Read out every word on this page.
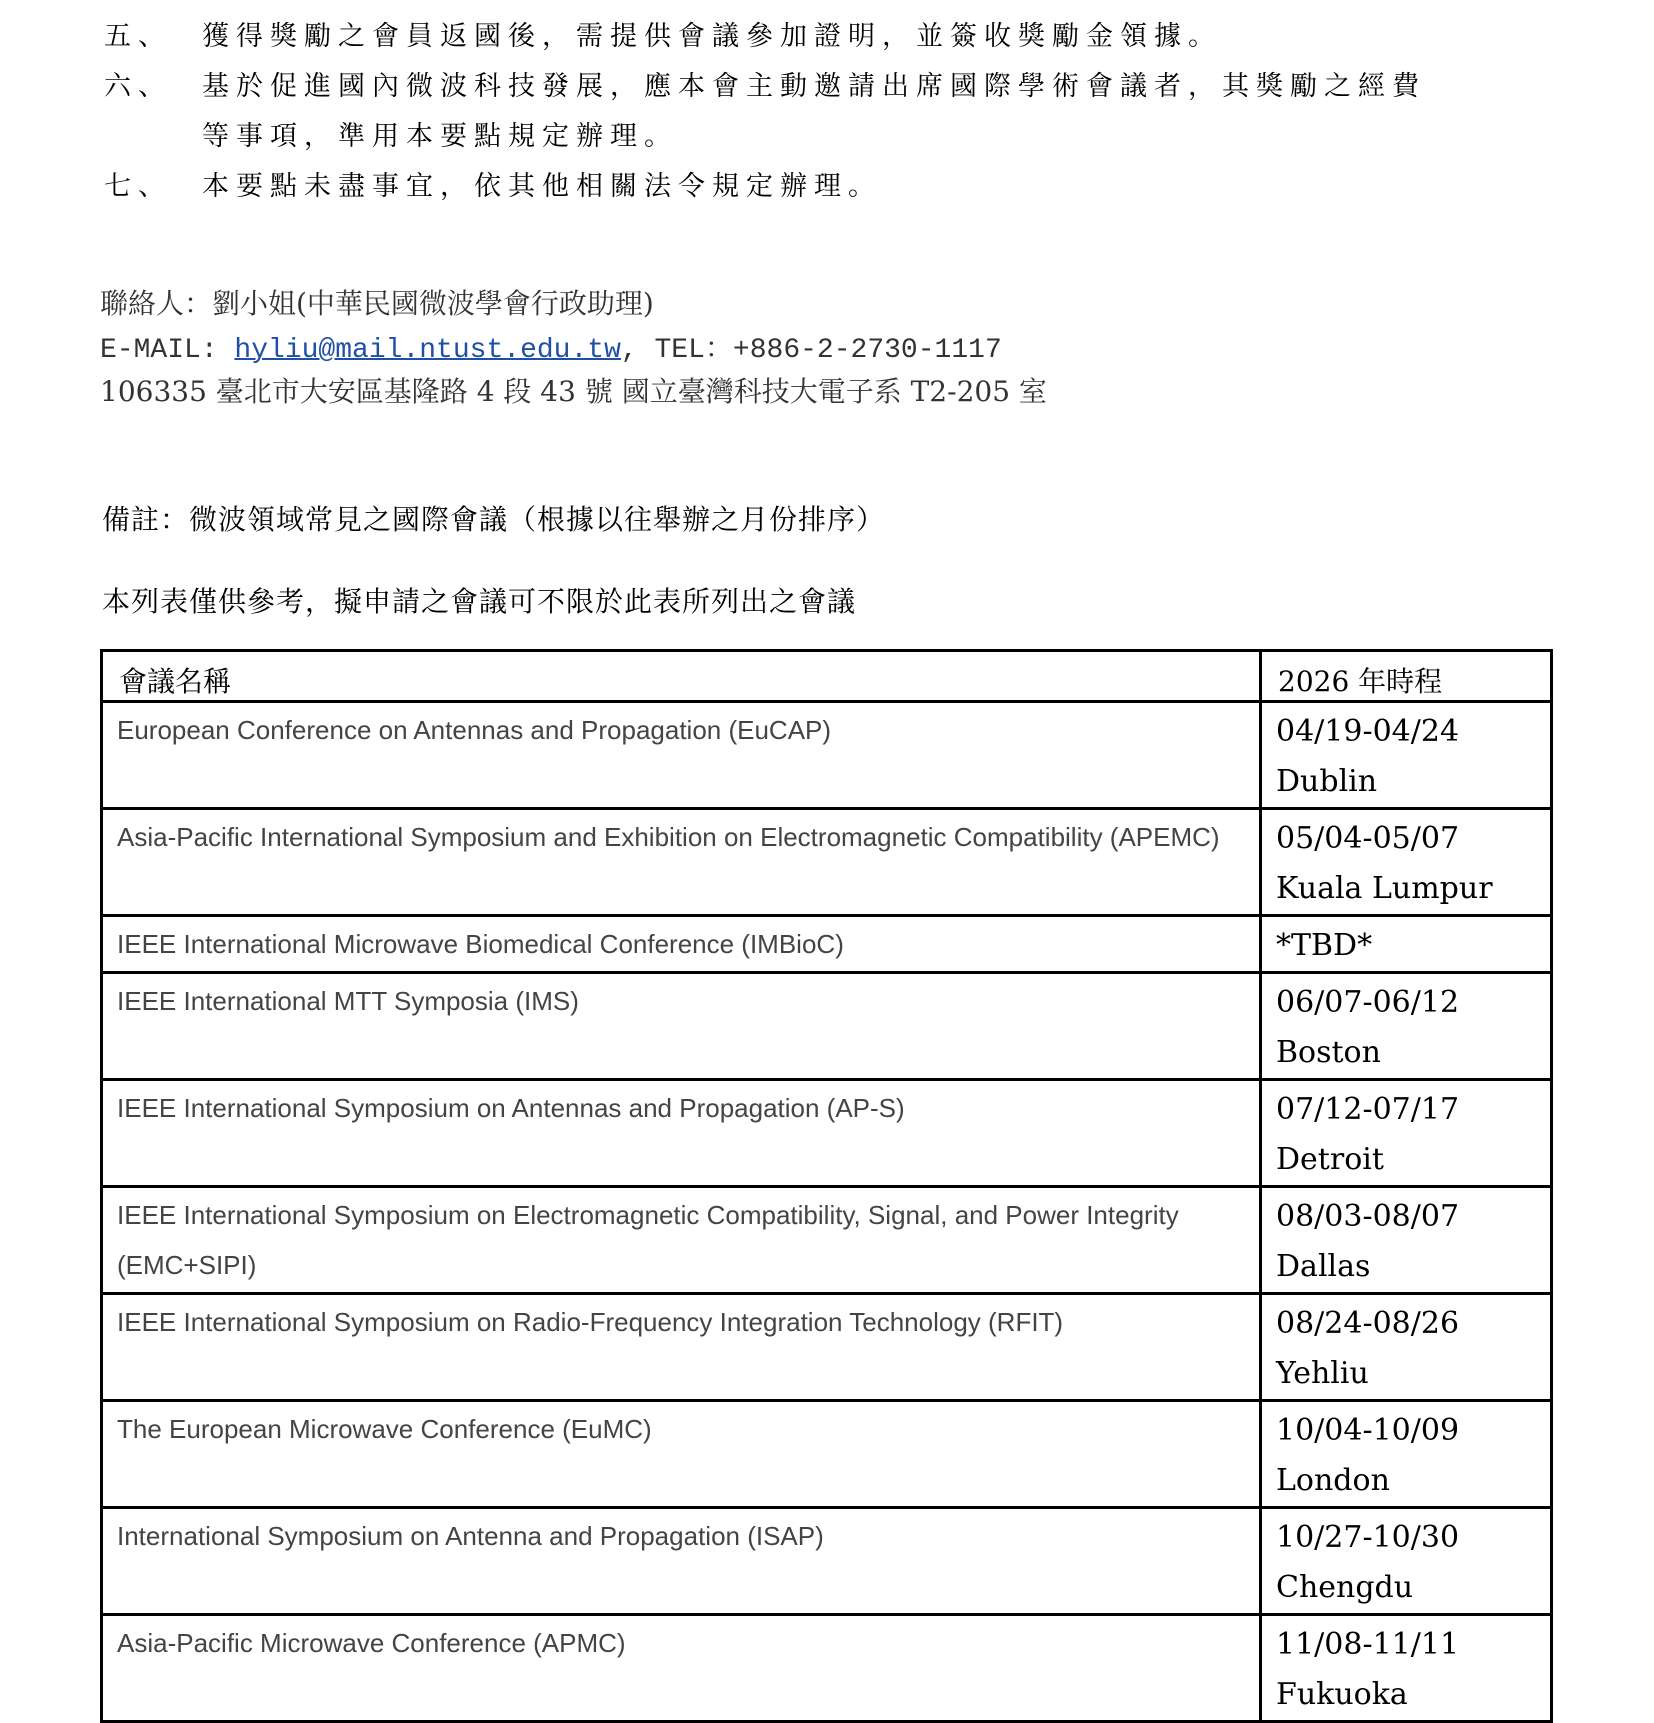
五、 獲得獎勵之會員返國後，需提供會議參加證明，並簽收獎勵金領據。
六、 基於促進國內微波科技發展，應本會主動邀請出席國際學術會議者，其獎勵之經費
等事項，準用本要點規定辦理。
七、 本要點未盡事宜，依其他相關法令規定辦理。
聯絡人：劉小姐(中華民國微波學會行政助理)
E-MAIL: hyliu@mail.ntust.edu.tw, TEL：+886-2-2730-1117
106335 臺北市大安區基隆路 4 段 43 號 國立臺灣科技大電子系 T2-205 室
備註：微波領域常見之國際會議（根據以往舉辦之月份排序）
本列表僅供參考，擬申請之會議可不限於此表所列出之會議
會議名稱	2026 年時程

European Conference on Antennas and Propagation (EuCAP)	04/19-04/24
Dublin

Asia-Pacific International Symposium and Exhibition on Electromagnetic Compatibility (APEMC)	05/04-05/07
Kuala Lumpur

IEEE International Microwave Biomedical Conference (IMBioC)	*TBD*

IEEE International MTT Symposia (IMS)	06/07-06/12
Boston

IEEE International Symposium on Antennas and Propagation (AP-S)	07/12-07/17
Detroit

IEEE International Symposium on Electromagnetic Compatibility, Signal, and Power Integrity (EMC+SIPI)	08/03-08/07
Dallas

IEEE International Symposium on Radio-Frequency Integration Technology (RFIT)	08/24-08/26
Yehliu

The European Microwave Conference (EuMC)	10/04-10/09
London

International Symposium on Antenna and Propagation (ISAP)	10/27-10/30
Chengdu

Asia-Pacific Microwave Conference (APMC)	11/08-11/11
Fukuoka
